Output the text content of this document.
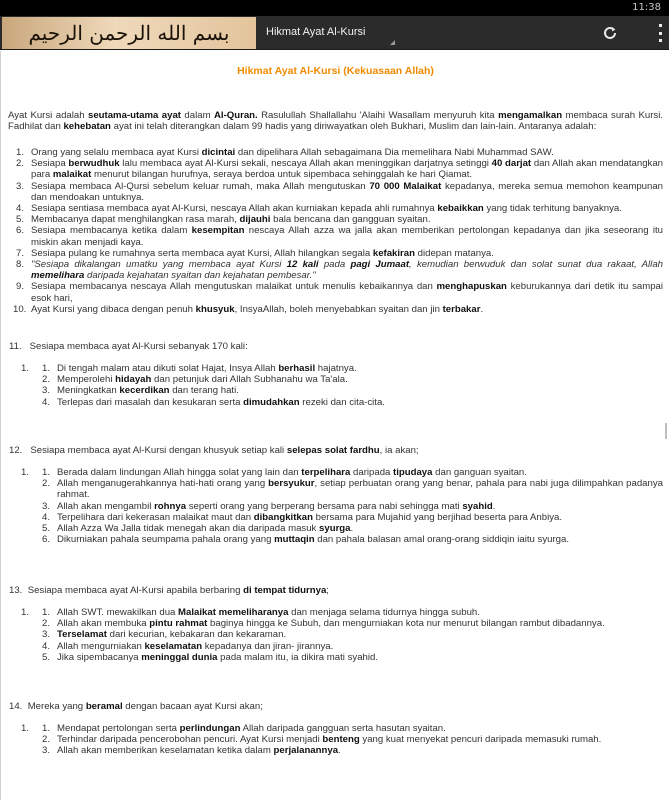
11:38
بسم الله الرحمن الرحيم	Hikmat Ayat Al-Kursi
Hikmat Ayat Al-Kursi (Kekuasaan Allah)
Ayat Kursi adalah seutama-utama ayat dalam Al-Quran. Rasulullah Shallallahu 'Alaihi Wasallam menyuruh kita mengamalkan membaca surah Kursi. Fadhilat dan kehebatan ayat ini telah diterangkan dalam 99 hadis yang diriwayatkan oleh Bukhari, Muslim dan lain-lain. Antaranya adalah:
1. Orang yang selalu membaca ayat Kursi dicintai dan dipelihara Allah sebagaimana Dia memelihara Nabi Muhammad SAW.
2. Sesiapa berwudhuk lalu membaca ayat Al-Kursi sekali, nescaya Allah akan meninggikan darjatnya setinggi 40 darjat dan Allah akan mendatangkan para malaikat menurut bilangan hurufnya, seraya berdoa untuk sipembaca sehinggalah ke hari Qiamat.
3. Sesiapa membaca Al-Qursi sebelum keluar rumah, maka Allah mengutuskan 70 000 Malaikat kepadanya, mereka semua memohon keampunan dan mendoakan untuknya.
4. Sesiapa sentiasa membaca ayat Al-Kursi, nescaya Allah akan kurniakan kepada ahli rumahnya kebaikkan yang tidak terhitung banyaknya.
5. Membacanya dapat menghilangkan rasa marah, dijauhi bala bencana dan gangguan syaitan.
6. Sesiapa membacanya ketika dalam kesempitan nescaya Allah azza wa jalla akan memberikan pertolongan kepadanya dan jika seseorang itu miskin akan menjadi kaya.
7. Sesiapa pulang ke rumahnya serta membaca ayat Kursi, Allah hilangkan segala kefakiran didepan matanya.
8. "Sesiapa dikalangan umatku yang membaca ayat Kursi 12 kali pada pagi Jumaat, kemudian berwuduk dan solat sunat dua rakaat, Allah memelihara daripada kejahatan syaitan dan kejahatan pembesar."
9. Sesiapa membacanya nescaya Allah mengutuskan malaikat untuk menulis kebaikannya dan menghapuskan keburukannya dari detik itu sampai esok hari,
10. Ayat Kursi yang dibaca dengan penuh khusyuk, InsyaAllah, boleh menyebabkan syaitan dan jin terbakar.
11. Sesiapa membaca ayat Al-Kursi sebanyak 170 kali:
1. 1. Di tengah malam atau dikuti solat Hajat, Insya Allah berhasil hajatnya.
2. Memperolehi hidayah dan petunjuk dari Allah Subhanahu wa Ta'ala.
3. Meningkatkan kecerdikan dan terang hati.
4. Terlepas dari masalah dan kesukaran serta dimudahkan rezeki dan cita-cita.
12. Sesiapa membaca ayat Al-Kursi dengan khusyuk setiap kali selepas solat fardhu, ia akan;
1. 1. Berada dalam lindungan Allah hingga solat yang lain dan terpelihara daripada tipudaya dan ganguan syaitan.
2. Allah menganugerahkannya hati-hati orang yang bersyukur, setiap perbuatan orang yang benar, pahala para nabi juga dilimpahkan padanya rahmat.
3. Allah akan mengambil rohnya seperti orang yang berperang bersama para nabi sehingga mati syahid.
4. Terpelihara dari kekerasan malaikat maut dan dibangkitkan bersama para Mujahid yang berjihad beserta para Anbiya.
5. Allah Azza Wa Jalla tidak menegah akan dia daripada masuk syurga.
6. Dikurniakan pahala seumpama pahala orang yang muttaqin dan pahala balasan amal orang-orang siddiqin iaitu syurga.
13. Sesiapa membaca ayat Al-Kursi apabila berbaring di tempat tidurnya;
1. 1. Allah SWT. mewakilkan dua Malaikat memeliharanya dan menjaga selama tidurnya hingga subuh.
2. Allah akan membuka pintu rahmat baginya hingga ke Subuh, dan mengurniakan kota nur menurut bilangan rambut dibadannya.
3. Terselamat dari kecurian, kebakaran dan kekaraman.
4. Allah mengurniakan keselamatan kepadanya dan jiran- jirannya.
5. Jika sipembacanya meninggal dunia pada malam itu, ia dikira mati syahid.
14. Mereka yang beramal dengan bacaan ayat Kursi akan;
1. 1. Mendapat pertolongan serta perlindungan Allah daripada gangguan serta hasutan syaitan.
2. Terhindar daripada pencerobohan pencuri. Ayat Kursi menjadi benteng yang kuat menyekat pencuri daripada memasuki rumah.
3. Allah akan memberikan keselamatan ketika dalam perjalanannya.
